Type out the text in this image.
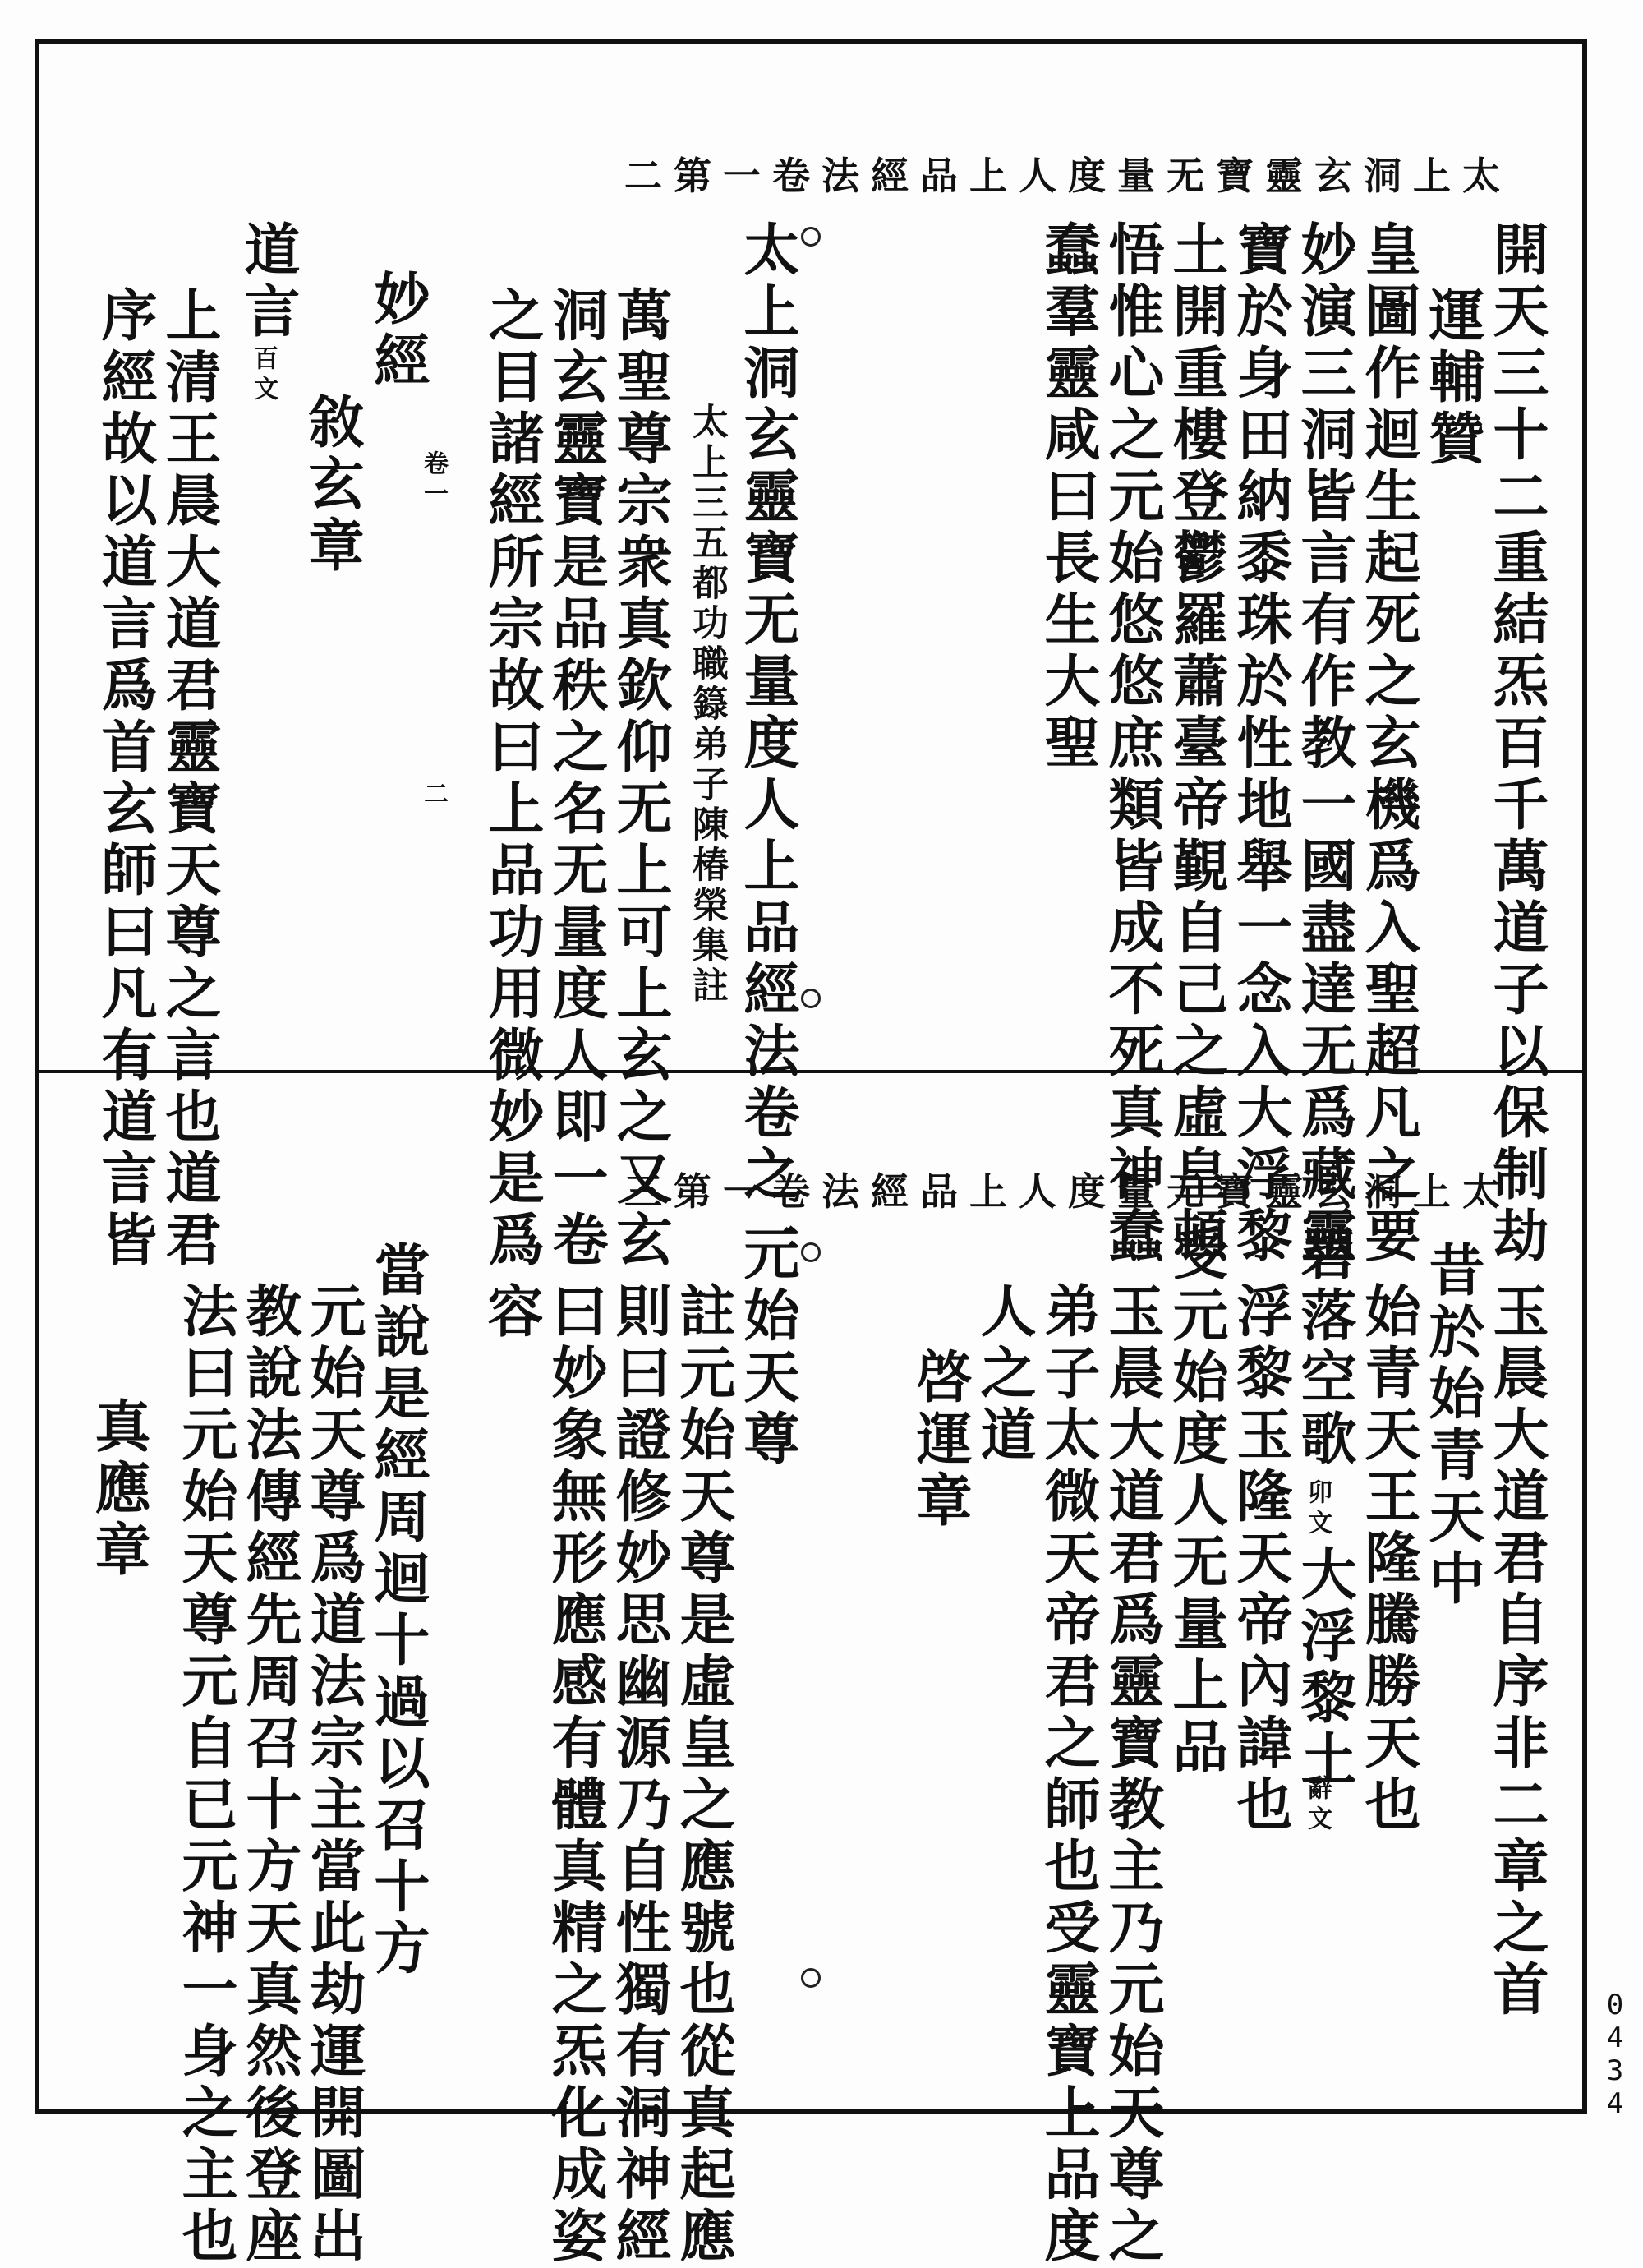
太上洞玄靈寶无量度人上品經法卷一第二
開天三十二重結炁百千萬道子以保制劫
運輔贊
皇圖作迴生起死之玄機爲入聖超凡之要
妙演三洞皆言有作教一國盡達无爲藏靈
寶於身田納黍珠於性地舉一念入大浮黎
土開重樓登鬱羅蕭臺帝覲自己之虛皇頓
悟惟心之元始悠悠庶類皆成不死真神蠢
蠢羣靈咸曰長生大聖
太上洞玄靈寶无量度人上品經法卷之一
太上三五都功職籙弟子陳椿榮集註
萬聖尊宗衆真欽仰无上可上玄之又玄
洞玄靈寶是品秩之名无量度人即一卷
之目諸經所宗故曰上品功用微妙是爲
卷一
二
妙經
敘玄章
道言
百文
上清王晨大道君靈寶天尊之言也道君
序經故以道言爲首玄師曰凡有道言皆	太上洞玄靈寶无量度人上品經法卷一第三
玉晨大道君自序非二章之首
昔於始青天中
始青天王隆騰勝天也
碧落空歌
卯文
大浮黎土
辭文
浮黎玉隆天帝內諱也
受元始度人无量上品
玉晨大道君爲靈寶教主乃元始天尊之
弟子太微天帝君之師也受靈寶上品度
人之道
啓運章
元始天尊
註元始天尊是虛皇之應號也從真起應
則曰證修妙思幽源乃自性獨有洞神經
曰妙象無形應感有體真精之炁化成姿
容
當說是經周迴十過以召十方
元始天尊爲道法宗主當此劫運開圖出
教說法傳經先周召十方天真然後登座
法曰元始天尊元自已元神一身之主也
真應章
0434
